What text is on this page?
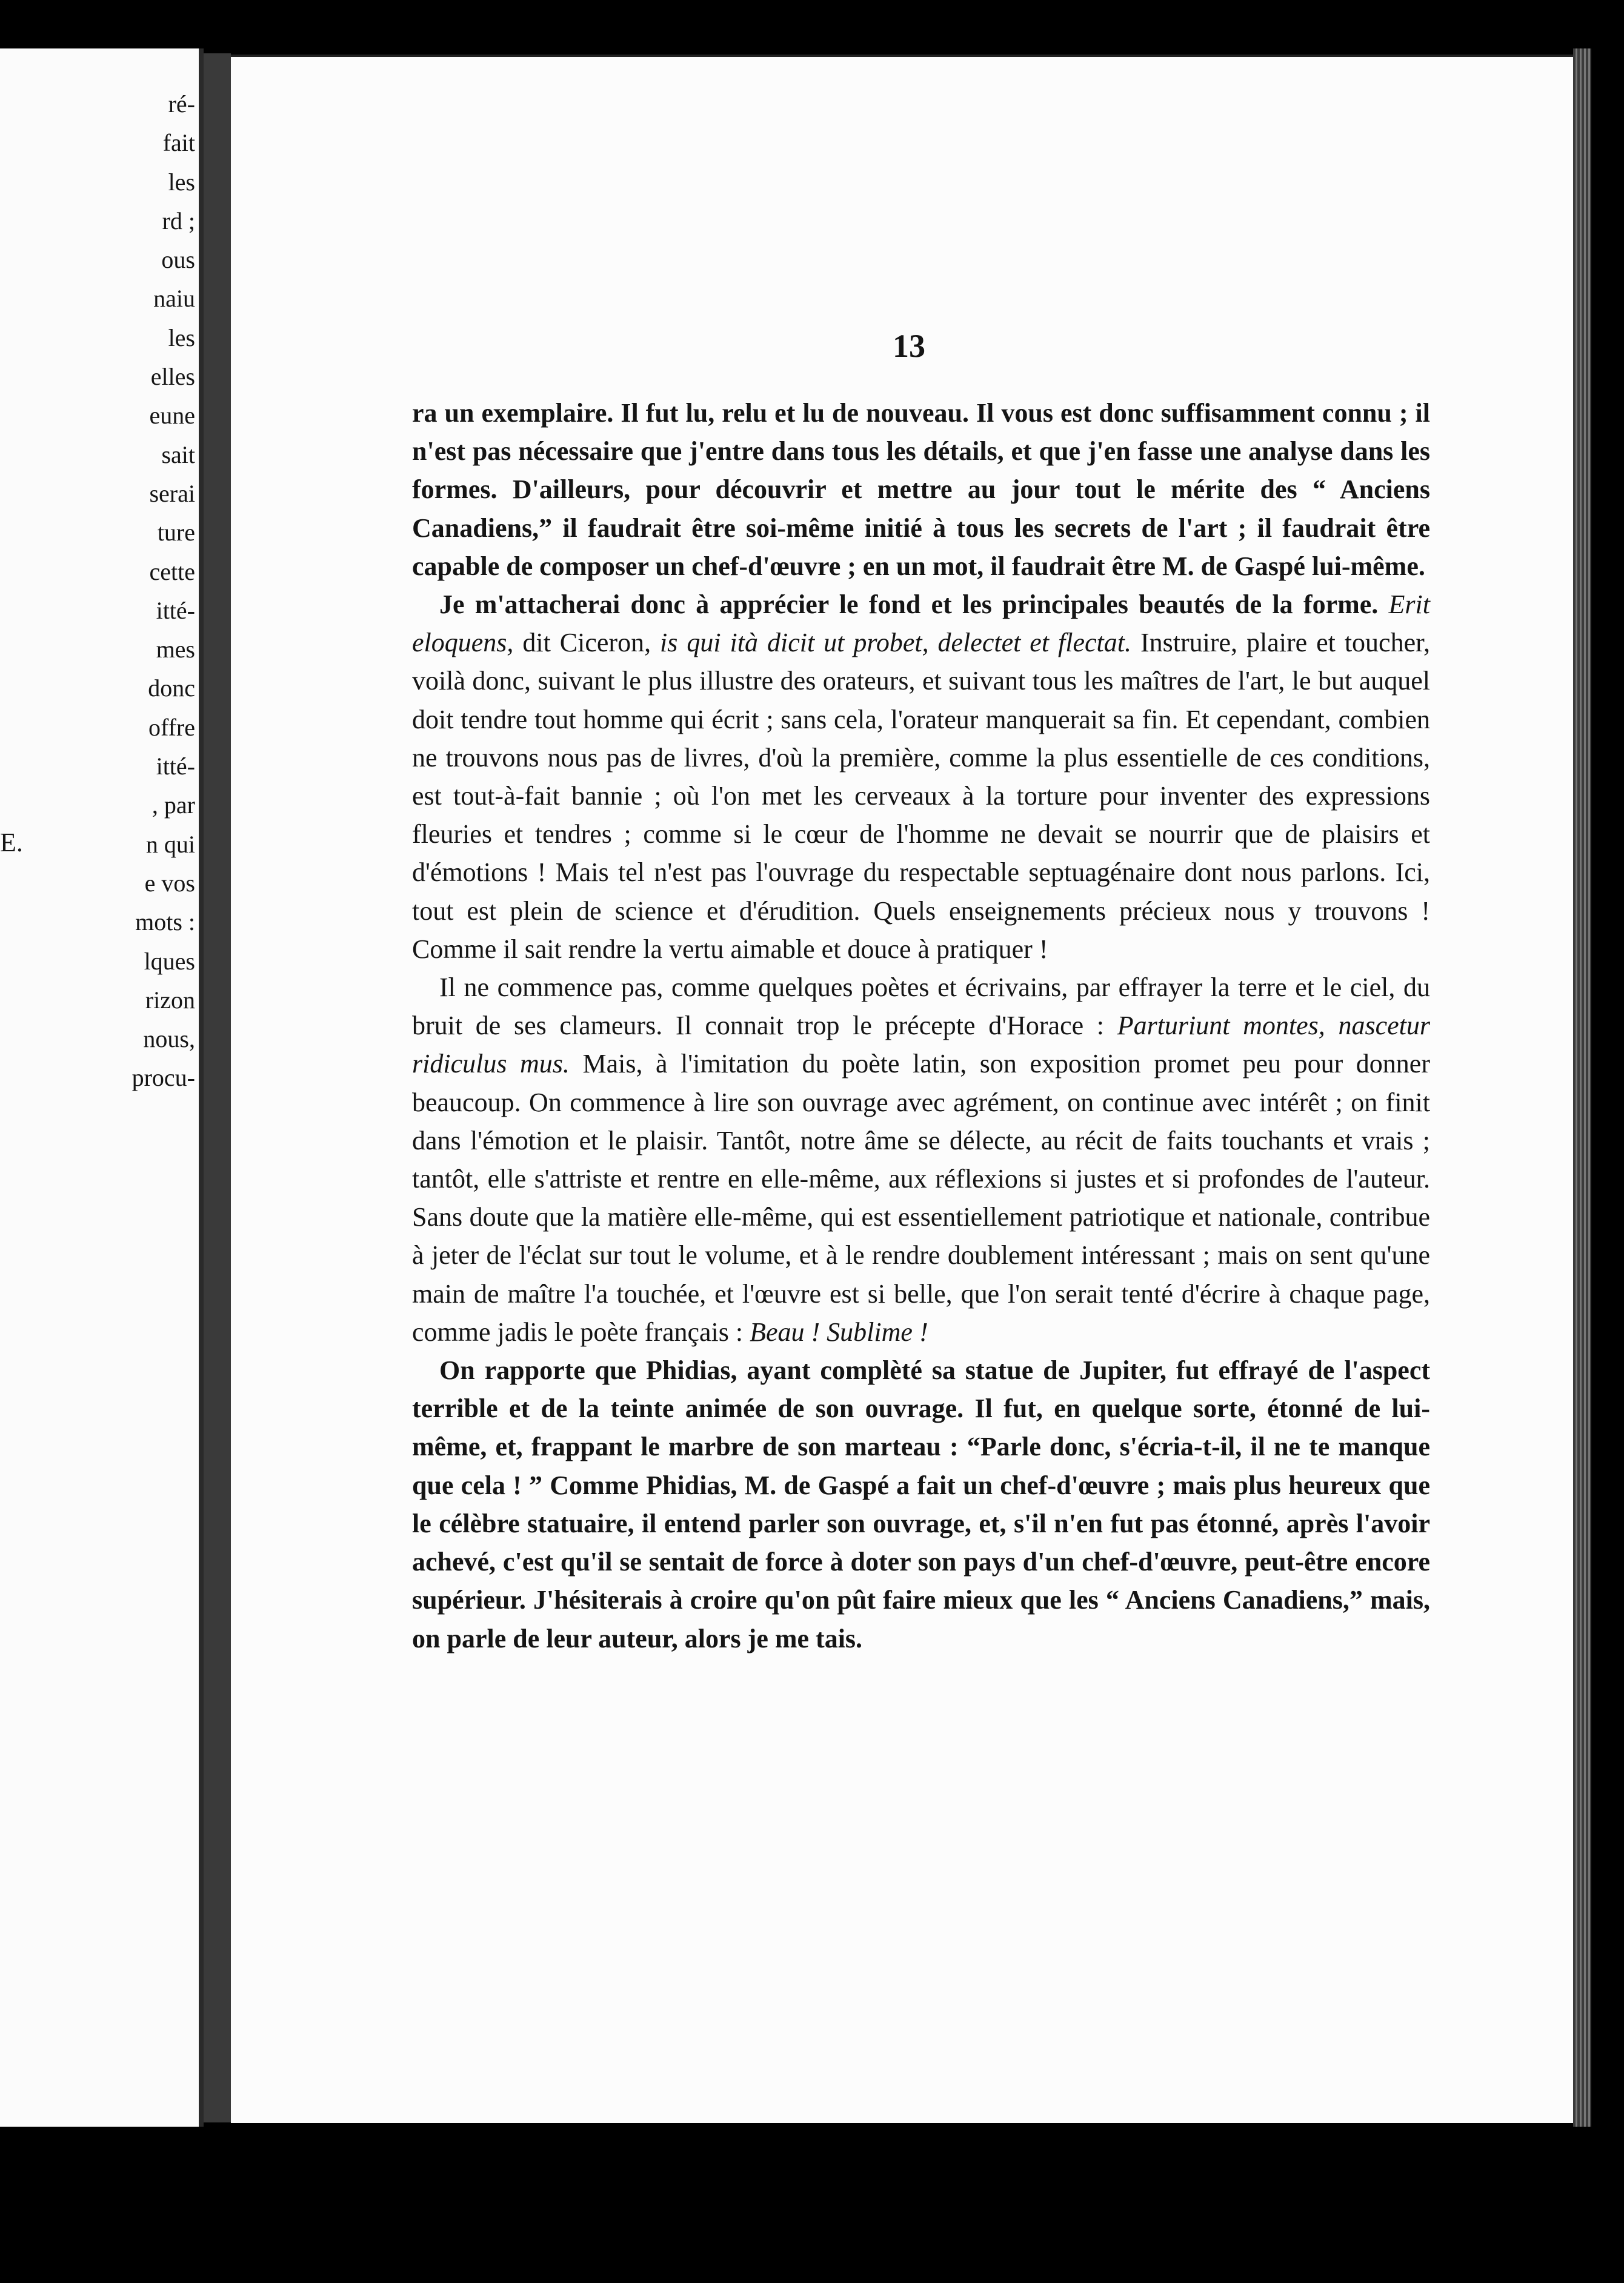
E.
ré-
fait
les
rd ;
ous
naiu
les
elles
eune
sait
serai
ture
cette
itté-
mes
donc
offre
itté-
, par
n qui
e vos
mots :
lques
rizon
nous,
procu-
13

ra un exemplaire. Il fut lu, relu et lu de nouveau. Il vous est donc suffisamment connu ; il n'est pas nécessaire que j'entre dans tous les détails, et que j'en fasse une analyse dans les formes. D'ailleurs, pour découvrir et mettre au jour tout le mérite des “ Anciens Canadiens,” il faudrait être soi-même initié à tous les secrets de l'art ; il faudrait être capable de composer un chef-d'œuvre ; en un mot, il faudrait être M. de Gaspé lui-même.

Je m'attacherai donc à apprécier le fond et les principales beautés de la forme. Erit eloquens, dit Ciceron, is qui ità dicit ut probet, delectet et flectat. Instruire, plaire et toucher, voilà donc, suivant le plus illustre des orateurs, et suivant tous les maîtres de l'art, le but auquel doit tendre tout homme qui écrit ; sans cela, l'orateur manquerait sa fin. Et cependant, combien ne trouvons nous pas de livres, d'où la première, comme la plus essentielle de ces conditions, est tout-à-fait bannie ; où l'on met les cerveaux à la torture pour inventer des expressions fleuries et tendres ; comme si le cœur de l'homme ne devait se nourrir que de plaisirs et d'émotions ! Mais tel n'est pas l'ouvrage du respectable septuagénaire dont nous parlons. Ici, tout est plein de science et d'érudition. Quels enseignements précieux nous y trouvons ! Comme il sait rendre la vertu aimable et douce à pratiquer !

Il ne commence pas, comme quelques poètes et écrivains, par effrayer la terre et le ciel, du bruit de ses clameurs. Il connait trop le précepte d'Horace : Parturiunt montes, nascetur ridiculus mus. Mais, à l'imitation du poète latin, son exposition promet peu pour donner beaucoup. On commence à lire son ouvrage avec agrément, on continue avec intérêt ; on finit dans l'émotion et le plaisir. Tantôt, notre âme se délecte, au récit de faits touchants et vrais ; tantôt, elle s'attriste et rentre en elle-même, aux réflexions si justes et si profondes de l'auteur. Sans doute que la matière elle-même, qui est essentiellement patriotique et nationale, contribue à jeter de l'éclat sur tout le volume, et à le rendre doublement intéressant ; mais on sent qu'une main de maître l'a touchée, et l'œuvre est si belle, que l'on serait tenté d'écrire à chaque page, comme jadis le poète français : Beau ! Sublime !

On rapporte que Phidias, ayant complèté sa statue de Jupiter, fut effrayé de l'aspect terrible et de la teinte animée de son ouvrage. Il fut, en quelque sorte, étonné de lui-même, et, frappant le marbre de son marteau : “Parle donc, s'écria-t-il, il ne te manque que cela ! ” Comme Phidias, M. de Gaspé a fait un chef-d'œuvre ; mais plus heureux que le célèbre statuaire, il entend parler son ouvrage, et, s'il n'en fut pas étonné, après l'avoir achevé, c'est qu'il se sentait de force à doter son pays d'un chef-d'œuvre, peut-être encore supérieur. J'hésiterais à croire qu'on pût faire mieux que les “ Anciens Canadiens,” mais, on parle de leur auteur, alors je me tais.
